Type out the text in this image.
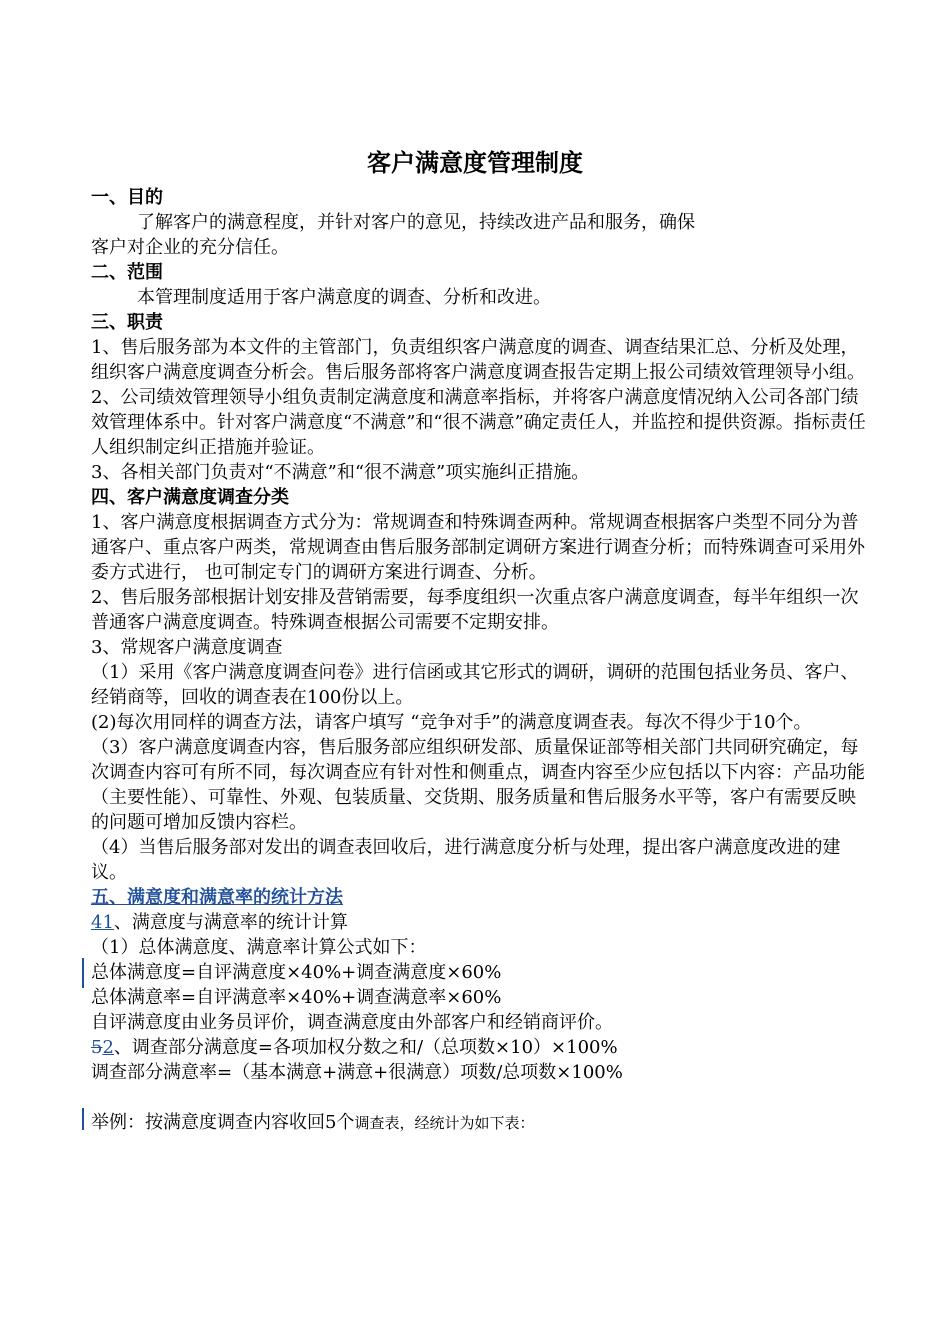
客户满意度管理制度

一、目的

了解客户的满意程度，并针对客户的意见，持续改进产品和服务，确保

客户对企业的充分信任。

二、范围

本管理制度适用于客户满意度的调查、分析和改进。

三、职责

1、售后服务部为本文件的主管部门，负责组织客户满意度的调查、调查结果汇总、分析及处理，组织客户满意度调查分析会。售后服务部将客户满意度调查报告定期上报公司绩效管理领导小组。

2、公司绩效管理领导小组负责制定满意度和满意率指标，并将客户满意度情况纳入公司各部门绩效管理体系中。针对客户满意度“不满意”和“很不满意”确定责任人，并监控和提供资源。指标责任人组织制定纠正措施并验证。

3、各相关部门负责对“不满意”和“很不满意”项实施纠正措施。

四、客户满意度调查分类

1、客户满意度根据调查方式分为：常规调查和特殊调查两种。常规调查根据客户类型不同分为普通客户、重点客户两类，常规调查由售后服务部制定调研方案进行调查分析；而特殊调查可采用外委方式进行， 也可制定专门的调研方案进行调查、分析。

2、售后服务部根据计划安排及营销需要，每季度组织一次重点客户满意度调查，每半年组织一次普通客户满意度调查。特殊调查根据公司需要不定期安排。

3、常规客户满意度调查

（1）采用《客户满意度调查问卷》进行信函或其它形式的调研，调研的范围包括业务员、客户、经销商等，回收的调查表在100份以上。

(2)每次用同样的调查方法，请客户填写 “竞争对手”的满意度调查表。每次不得少于10个。

（3）客户满意度调查内容，售后服务部应组织研发部、质量保证部等相关部门共同研究确定，每次调查内容可有所不同，每次调查应有针对性和侧重点，调查内容至少应包括以下内容：产品功能（主要性能）、可靠性、外观、包装质量、交货期、服务质量和售后服务水平等，客户有需要反映的问题可增加反馈内容栏。

（4）当售后服务部对发出的调查表回收后，进行满意度分析与处理，提出客户满意度改进的建议。

五、满意度和满意率的统计方法

41、满意度与满意率的统计计算

（1）总体满意度、满意率计算公式如下：

总体满意度=自评满意度×40%+调查满意度×60%

总体满意率=自评满意率×40%+调查满意率×60%

自评满意度由业务员评价，调查满意度由外部客户和经销商评价。

52、调查部分满意度=各项加权分数之和/（总项数×10）×100%

调查部分满意率=（基本满意+满意+很满意）项数/总项数×100%

举例：按满意度调查内容收回5个调查表，经统计为如下表：
